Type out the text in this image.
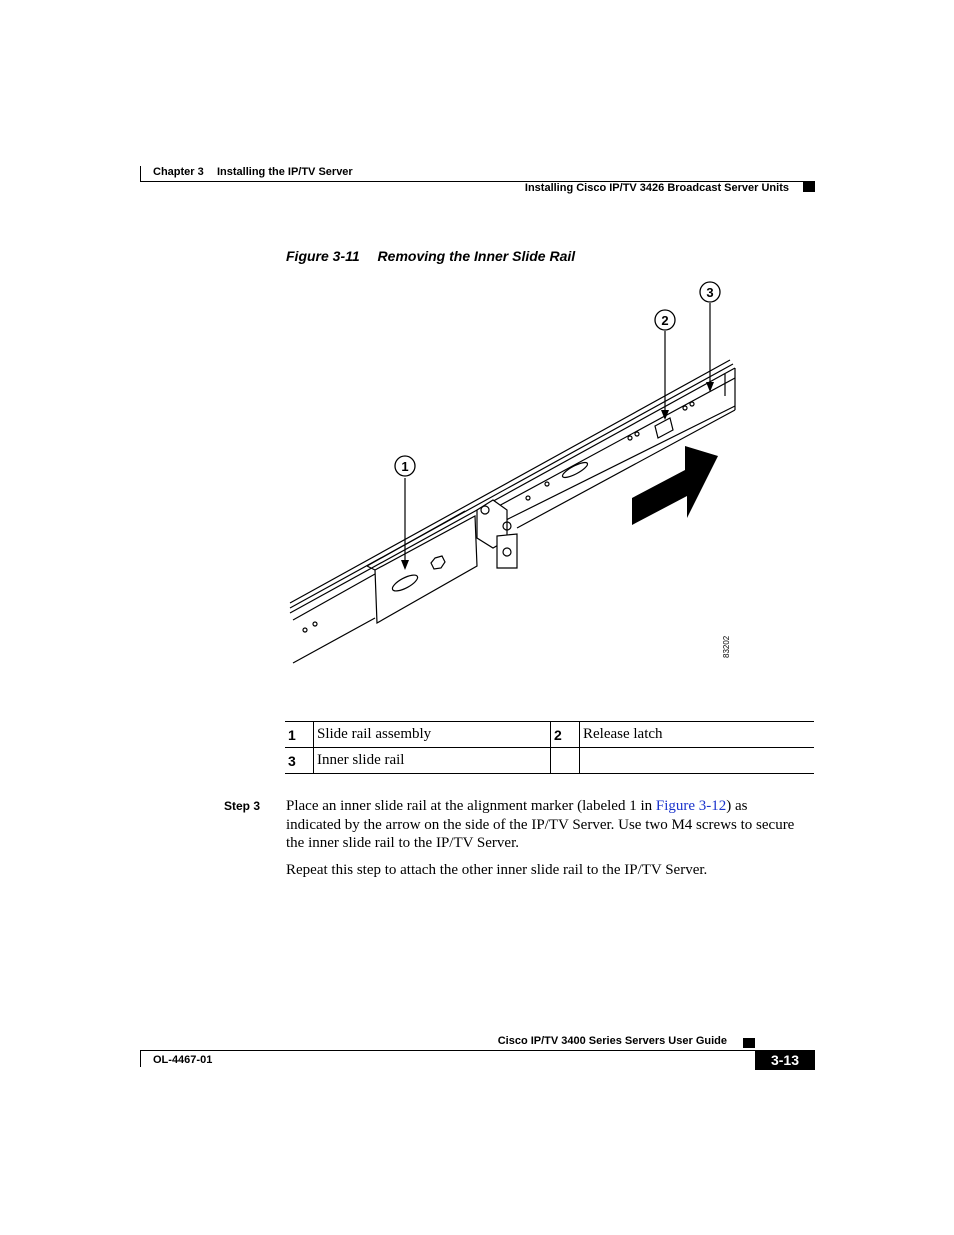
Chapter 3 Installing the IP/TV Server
Installing Cisco IP/TV 3426 Broadcast Server Units
Figure 3-11 Removing the Inner Slide Rail
1
2
3
83202
1	Slide rail assembly	2	Release latch
3	Inner slide rail		
Step 3 Place an inner slide rail at the alignment marker (labeled 1 in Figure 3-12) as indicated by the arrow on the side of the IP/TV Server. Use two M4 screws to secure the inner slide rail to the IP/TV Server.
Repeat this step to attach the other inner slide rail to the IP/TV Server.
Cisco IP/TV 3400 Series Servers User Guide
OL-4467-01	3-13
